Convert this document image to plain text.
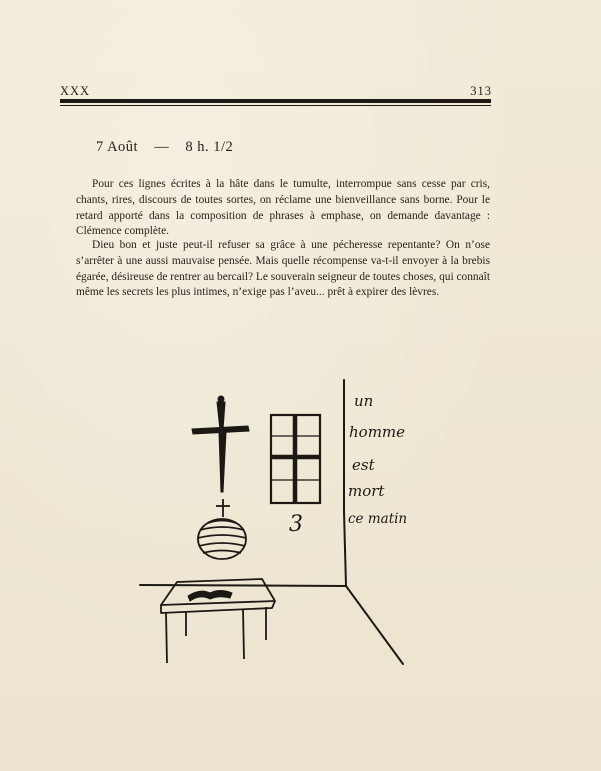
XXX	313
7 Août — 8 h. 1/2

Pour ces lignes écrites à la hâte dans le tumulte, interrompue sans cesse par cris, chants, rires, discours de toutes sortes, on réclame une bienveillance sans borne. Pour le retard apporté dans la composition de phrases à emphase, on demande davantage : Clémence complète.

Dieu bon et juste peut-il refuser sa grâce à une pécheresse repentante? On n’ose s’arrêter à une aussi mauvaise pensée. Mais quelle récompense va-t-il envoyer à la brebis égarée, désireuse de rentrer au bercail? Le souverain seigneur de toutes choses, qui connaît même les secrets les plus intimes, n’exige pas l’aveu... prêt à expirer des lèvres.

3
un
homme
est
mort
ce matin
